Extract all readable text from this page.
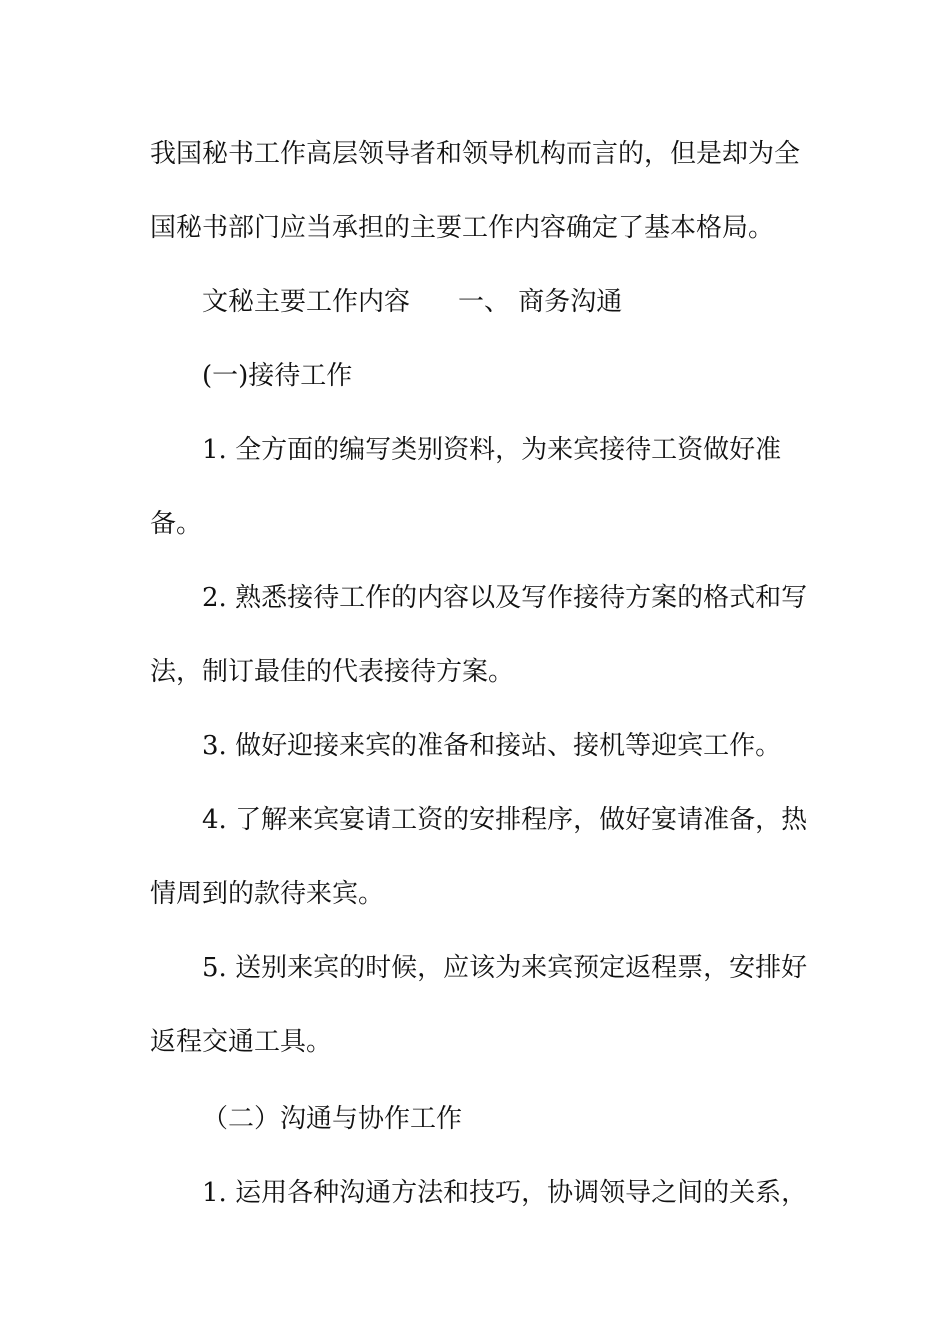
我国秘书工作高层领导者和领导机构而言的，但是却为全
国秘书部门应当承担的主要工作内容确定了基本格局。
文秘主要工作内容 一、 商务沟通
(一)接待工作
1. 全方面的编写类别资料，为来宾接待工资做好准
备。
2. 熟悉接待工作的内容以及写作接待方案的格式和写
法，制订最佳的代表接待方案。
3. 做好迎接来宾的准备和接站、接机等迎宾工作。
4. 了解来宾宴请工资的安排程序，做好宴请准备，热
情周到的款待来宾。
5. 送别来宾的时候，应该为来宾预定返程票，安排好
返程交通工具。
（二）沟通与协作工作
1. 运用各种沟通方法和技巧，协调领导之间的关系，
